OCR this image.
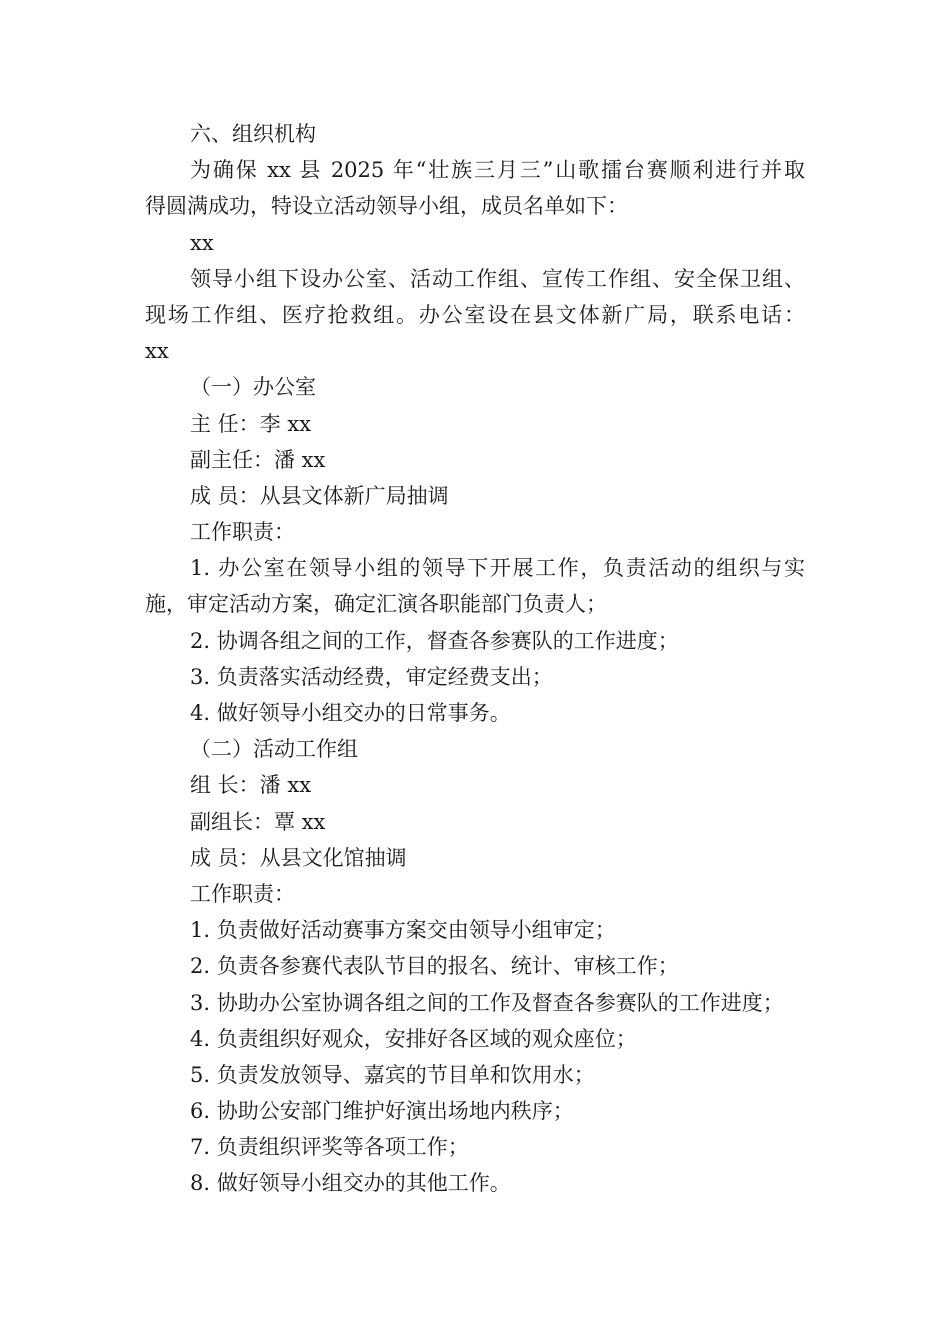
六、组织机构
为确保 xx 县 2025 年“壮族三月三”山歌擂台赛顺利进行并取
得圆满成功，特设立活动领导小组，成员名单如下：
xx
领导小组下设办公室、活动工作组、宣传工作组、安全保卫组、
现场工作组、医疗抢救组。办公室设在县文体新广局，联系电话：
xx
（一）办公室
主 任：李 xx
副主任：潘 xx
成 员：从县文体新广局抽调
工作职责：
1. 办公室在领导小组的领导下开展工作，负责活动的组织与实
施，审定活动方案，确定汇演各职能部门负责人；
2. 协调各组之间的工作，督查各参赛队的工作进度；
3. 负责落实活动经费，审定经费支出；
4. 做好领导小组交办的日常事务。
（二）活动工作组
组 长：潘 xx
副组长：覃 xx
成 员：从县文化馆抽调
工作职责：
1. 负责做好活动赛事方案交由领导小组审定；
2. 负责各参赛代表队节目的报名、统计、审核工作；
3. 协助办公室协调各组之间的工作及督查各参赛队的工作进度；
4. 负责组织好观众，安排好各区域的观众座位；
5. 负责发放领导、嘉宾的节目单和饮用水；
6. 协助公安部门维护好演出场地内秩序；
7. 负责组织评奖等各项工作；
8. 做好领导小组交办的其他工作。
